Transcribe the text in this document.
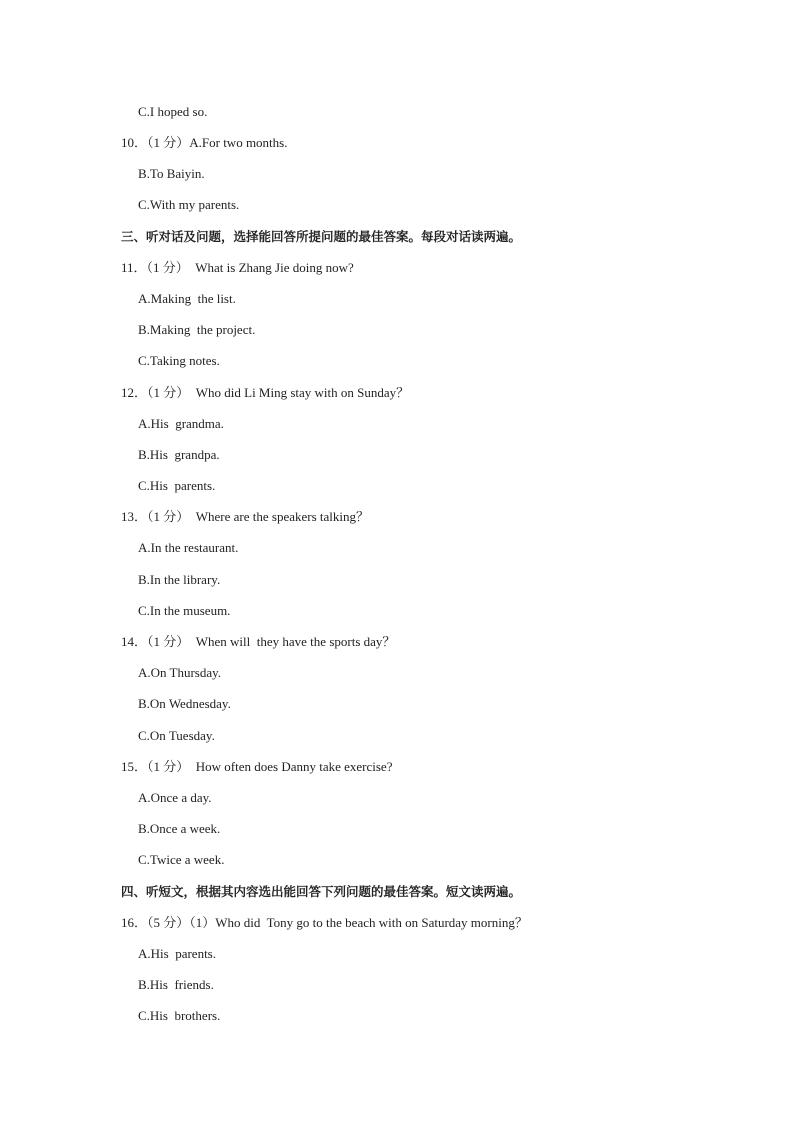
C.I hoped so.
10．（1 分）A.For two months.
B.To Baiyin.
C.With my parents.
三、听对话及问题，选择能回答所提问题的最佳答案。每段对话读两遍。
11．（1 分）  What is Zhang Jie doing now?
A.Making  the list.
B.Making  the project.
C.Taking notes.
12．（1 分）  Who did Li Ming stay with on Sunday？
A.His  grandma.
B.His  grandpa.
C.His  parents.
13．（1 分）  Where are the speakers talking？
A.In the restaurant.
B.In the library.
C.In the museum.
14．（1 分）  When will  they have the sports day？
A.On Thursday.
B.On Wednesday.
C.On Tuesday.
15．（1 分）  How often does Danny take exercise?
A.Once a day.
B.Once a week.
C.Twice a week.
四、听短文，根据其内容选出能回答下列问题的最佳答案。短文读两遍。
16．（5 分）（1）Who did  Tony go to the beach with on Saturday morning？
A.His  parents.
B.His  friends.
C.His  brothers.
